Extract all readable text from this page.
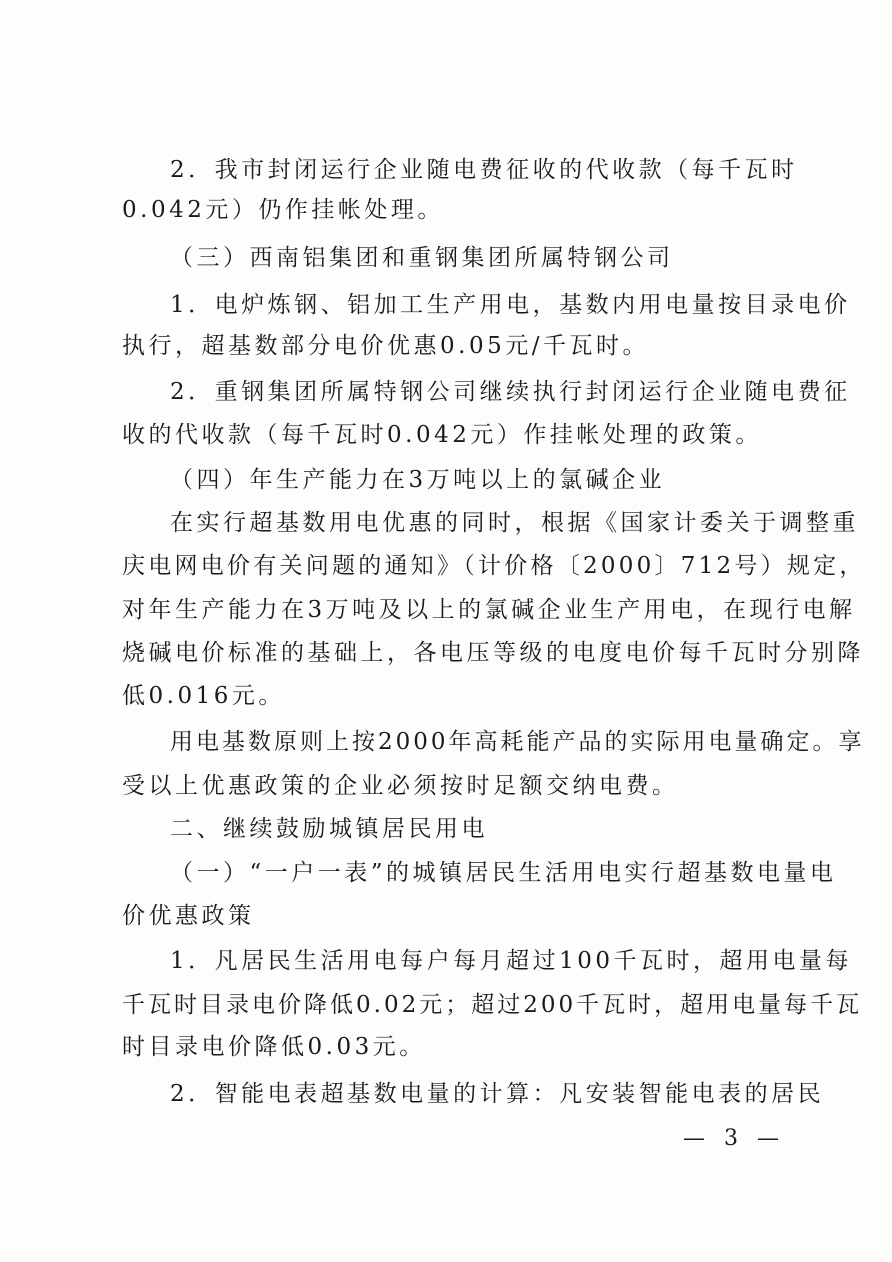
2．我市封闭运行企业随电费征收的代收款（每千瓦时
0.042元）仍作挂帐处理。
（三）西南铝集团和重钢集团所属特钢公司
1．电炉炼钢、铝加工生产用电，基数内用电量按目录电价
执行，超基数部分电价优惠0.05元/千瓦时。
2．重钢集团所属特钢公司继续执行封闭运行企业随电费征
收的代收款（每千瓦时0.042元）作挂帐处理的政策。
（四）年生产能力在3万吨以上的氯碱企业
在实行超基数用电优惠的同时，根据《国家计委关于调整重
庆电网电价有关问题的通知》（计价格〔2000〕712号）规定，
对年生产能力在3万吨及以上的氯碱企业生产用电，在现行电解
烧碱电价标准的基础上，各电压等级的电度电价每千瓦时分别降
低0.016元。
用电基数原则上按2000年高耗能产品的实际用电量确定。享
受以上优惠政策的企业必须按时足额交纳电费。
二、继续鼓励城镇居民用电
（一）“一户一表”的城镇居民生活用电实行超基数电量电
价优惠政策
1．凡居民生活用电每户每月超过100千瓦时，超用电量每
千瓦时目录电价降低0.02元；超过200千瓦时，超用电量每千瓦
时目录电价降低0.03元。
2．智能电表超基数电量的计算：凡安装智能电表的居民
— 3 —
